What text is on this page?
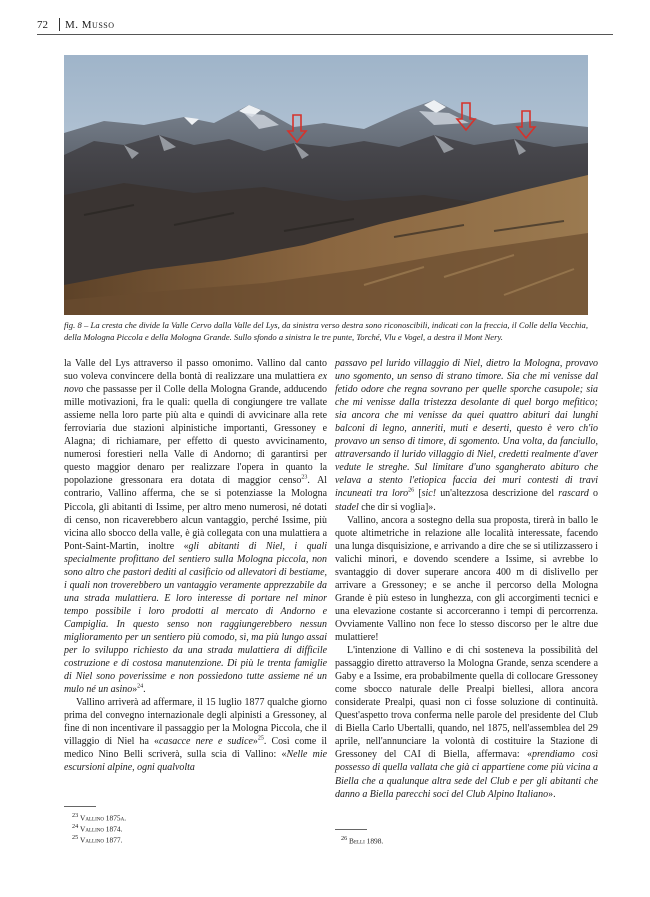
72 M. Musso
fig. 8 – La cresta che divide la Valle Cervo dalla Valle del Lys, da sinistra verso destra sono riconoscibili, indicati con la freccia, il Colle della Vecchia, della Mologna Piccola e della Mologna Grande. Sullo sfondo a sinistra le tre punte, Torché, Vlu e Vogel, a destra il Mont Nery.

la Valle del Lys attraverso il passo omonimo. Vallino dal canto suo voleva convincere della bontà di realizzare una mulattiera ex novo che passasse per il Colle della Mologna Grande, adducendo mille motivazioni, fra le quali: quella di congiungere tre vallate assieme nella loro parte più alta e quindi di avvicinare alla rete ferroviaria due stazioni alpinistiche importanti, Gressoney e Alagna; di richiamare, per effetto di questo avvicinamento, numerosi forestieri nella Valle di Andorno; di garantirsi per questo maggior denaro per realizzare l'opera in quanto la popolazione gressonara era dotata di maggior censo$^{23}$. Al contrario, Vallino afferma, che se si potenziasse la Mologna Piccola, gli abitanti di Issime, per altro meno numerosi, né dotati di censo, non ricaverebbero alcun vantaggio, perché Issime, più vicina allo sbocco della valle, è già collegata con una mulattiera a Pont-Saint-Martin, inoltre «gli abitanti di Niel, i quali specialmente profittano del sentiero sulla Mologna piccola, non sono altro che pastori dediti al casificio od allevatori di bestiame, i quali non troverebbero un vantaggio veramente apprezzabile da una strada mulattiera. E loro interesse di portare nel minor tempo possibile i loro prodotti al mercato di Andorno e Campiglia. In questo senso non raggiungerebbero nessun miglioramento per un sentiero più comodo, sì, ma più lungo assai per lo sviluppo richiesto da una strada mulattiera di difficile costruzione e di costosa manutenzione. Di più le trenta famiglie di Niel sono poverissime e non possiedono tutte assieme né un mulo né un asino»$^{24}$.

Vallino arriverà ad affermare, il 15 luglio 1877 qualche giorno prima del convegno internazionale degli alpinisti a Gressoney, al fine di non incentivare il passaggio per la Mologna Piccola, che il villaggio di Niel ha «casacce nere e sudice»$^{25}$. Così come il medico Nino Belli scriverà, sulla scia di Vallino: «Nelle mie escursioni alpine, ogni qualvolta

passavo pel lurido villaggio di Niel, dietro la Mologna, provavo uno sgomento, un senso di strano timore. Sia che mi venisse dal fetido odore che regna sovrano per quelle sporche casupole; sia che mi venisse dalla tristezza desolante di quel borgo mefitico; sia ancora che mi venisse da quei quattro abituri dai lunghi balconi di legno, anneriti, muti e deserti, questo è vero ch'io provavo un senso di timore, di sgomento. Una volta, da fanciullo, attraversando il lurido villaggio di Niel, credetti realmente d'aver vedute le streghe. Sul limitare d'uno sgangherato abituro che velava a stento l'etiopica faccia dei muri contesti di travi incuneati tra loro$^{26}$ [sic! un'altezzosa descrizione del rascard o stadel che dir si voglia]».

Vallino, ancora a sostegno della sua proposta, tirerà in ballo le quote altimetriche in relazione alle località interessate, facendo una lunga disquisizione, e arrivando a dire che se si utilizzassero i valichi minori, e dovendo scendere a Issime, si avrebbe lo svantaggio di dover superare ancora 400 m di dislivello per arrivare a Gressoney; e se anche il percorso della Mologna Grande è più esteso in lunghezza, con gli accorgimenti tecnici e una elevazione costante si accorceranno i tempi di percorrenza. Ovviamente Vallino non fece lo stesso discorso per le altre due mulattiere!

L'intenzione di Vallino e di chi sosteneva la possibilità del passaggio diretto attraverso la Mologna Grande, senza scendere a Gaby e a Issime, era probabilmente quella di collocare Gressoney come sbocco naturale delle Prealpi biellesi, allora ancora considerate Prealpi, quasi non ci fosse soluzione di continuità. Quest'aspetto trova conferma nelle parole del presidente del Club di Biella Carlo Ubertalli, quando, nel 1875, nell'assemblea del 29 aprile, nell'annunciare la volontà di costituire la Stazione di Gressoney del CAI di Biella, affermava: «prendiamo così possesso di quella vallata che già ci appartiene come più vicina a Biella che a qualunque altra sede del Club e per gli abitanti che danno a Biella parecchi soci del Club Alpino Italiano».

$^{23}$ Vallino 1875a.
$^{24}$ Vallino 1874.
$^{25}$ Vallino 1877.	$^{26}$ Belli 1898.
